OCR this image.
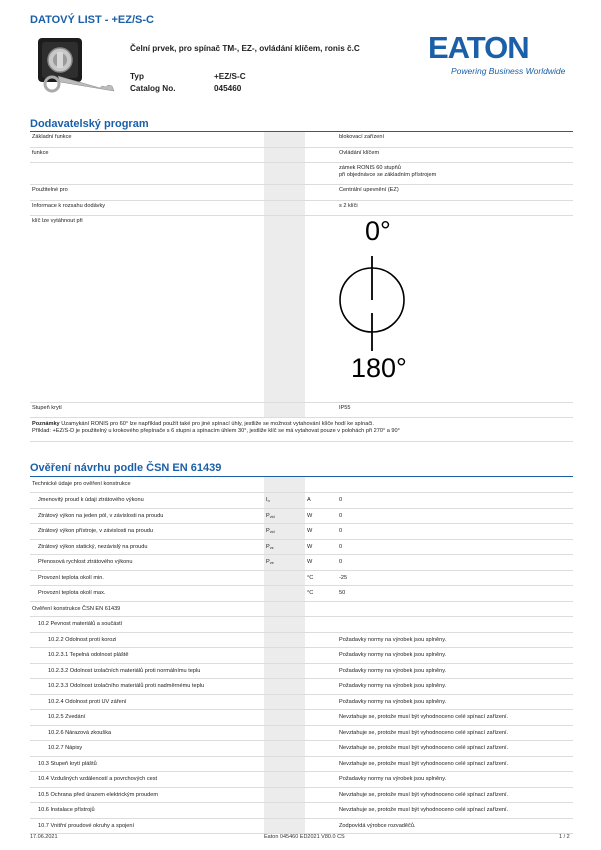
DATOVÝ LIST - +EZ/S-C
Čelní prvek, pro spínač TM-, EZ-, ovládání klíčem, ronis č.C
Typ	+EZ/S-C
Catalog No.	045460
EATON
Powering Business Worldwide
Dodavatelský program
Základní funkce			blokovací zařízení
funkce			Ovládání klíčem

			zámek RONIS 60 stupňů
při objednávce se základním přístrojem

Použitelné pro			Centrální upevnění (EZ)
Informace k rozsahu dodávky			s 2 klíči
klíč lze vytáhnout při			
Stupeň krytí			IP55

Poznámky Uzamykání RONIS pro 60° lze například použít také pro jiné spínací úhly, jestliže se možnost vytahování klíče hodí ke spínači.
Příklad: +EZ/S-D je použitelný u krokového přepínače s 6 stupni a spínacím úhlem 30°, jestliže klíč se má vytahovat pouze v polohách při 270° a 90°			
0°
180°
Ověření návrhu podle ČSN EN 61439
Technické údaje pro ověření konstrukce			
Jmenovitý proud k údaji ztrátového výkonu	$I_n$	A	0
Ztrátový výkon na jeden pól, v závislosti na proudu	$P_{vid}$	W	0
Ztrátový výkon přístroje, v závislosti na proudu	$P_{vid}$	W	0
Ztrátový výkon statický, nezávislý na proudu	$P_{vs}$	W	0
Přenosová rychlost ztrátového výkonu	$P_{ve}$	W	0
Provozní teplota okolí min.		°C	-25
Provozní teplota okolí max.		°C	50
Ověření konstrukce ČSN EN 61439			
10.2 Pevnost materiálů a součástí			
10.2.2 Odolnost proti korozi			Požadavky normy na výrobek jsou splněny.
10.2.3.1 Tepelná odolnost pláště			Požadavky normy na výrobek jsou splněny.
10.2.3.2 Odolnost izolačních materiálů proti normálnímu teplu			Požadavky normy na výrobek jsou splněny.
10.2.3.3 Odolnost izolačního materiálů proti nadměrnému teplu			Požadavky normy na výrobek jsou splněny.
10.2.4 Odolnost proti UV záření			Požadavky normy na výrobek jsou splněny.
10.2.5 Zvedání			Nevztahuje se, protože musí být vyhodnoceno celé spínací zařízení.
10.2.6 Nárazová zkouška			Nevztahuje se, protože musí být vyhodnoceno celé spínací zařízení.
10.2.7 Nápisy			Nevztahuje se, protože musí být vyhodnoceno celé spínací zařízení.
10.3 Stupeň krytí pláštů			Nevztahuje se, protože musí být vyhodnoceno celé spínací zařízení.
10.4 Vzdušných vzdáleností a povrchových cest			Požadavky normy na výrobek jsou splněny.
10.5 Ochrana před úrazem elektrickým proudem			Nevztahuje se, protože musí být vyhodnoceno celé spínací zařízení.
10.6 Instalace přístrojů			Nevztahuje se, protože musí být vyhodnoceno celé spínací zařízení.
10.7 Vnitřní proudové okruhy a spojení			Zodpovídá výrobce rozvaděčů.
17.06.2021	Eaton 045460 ED2021 V80.0 CS	1 / 2
